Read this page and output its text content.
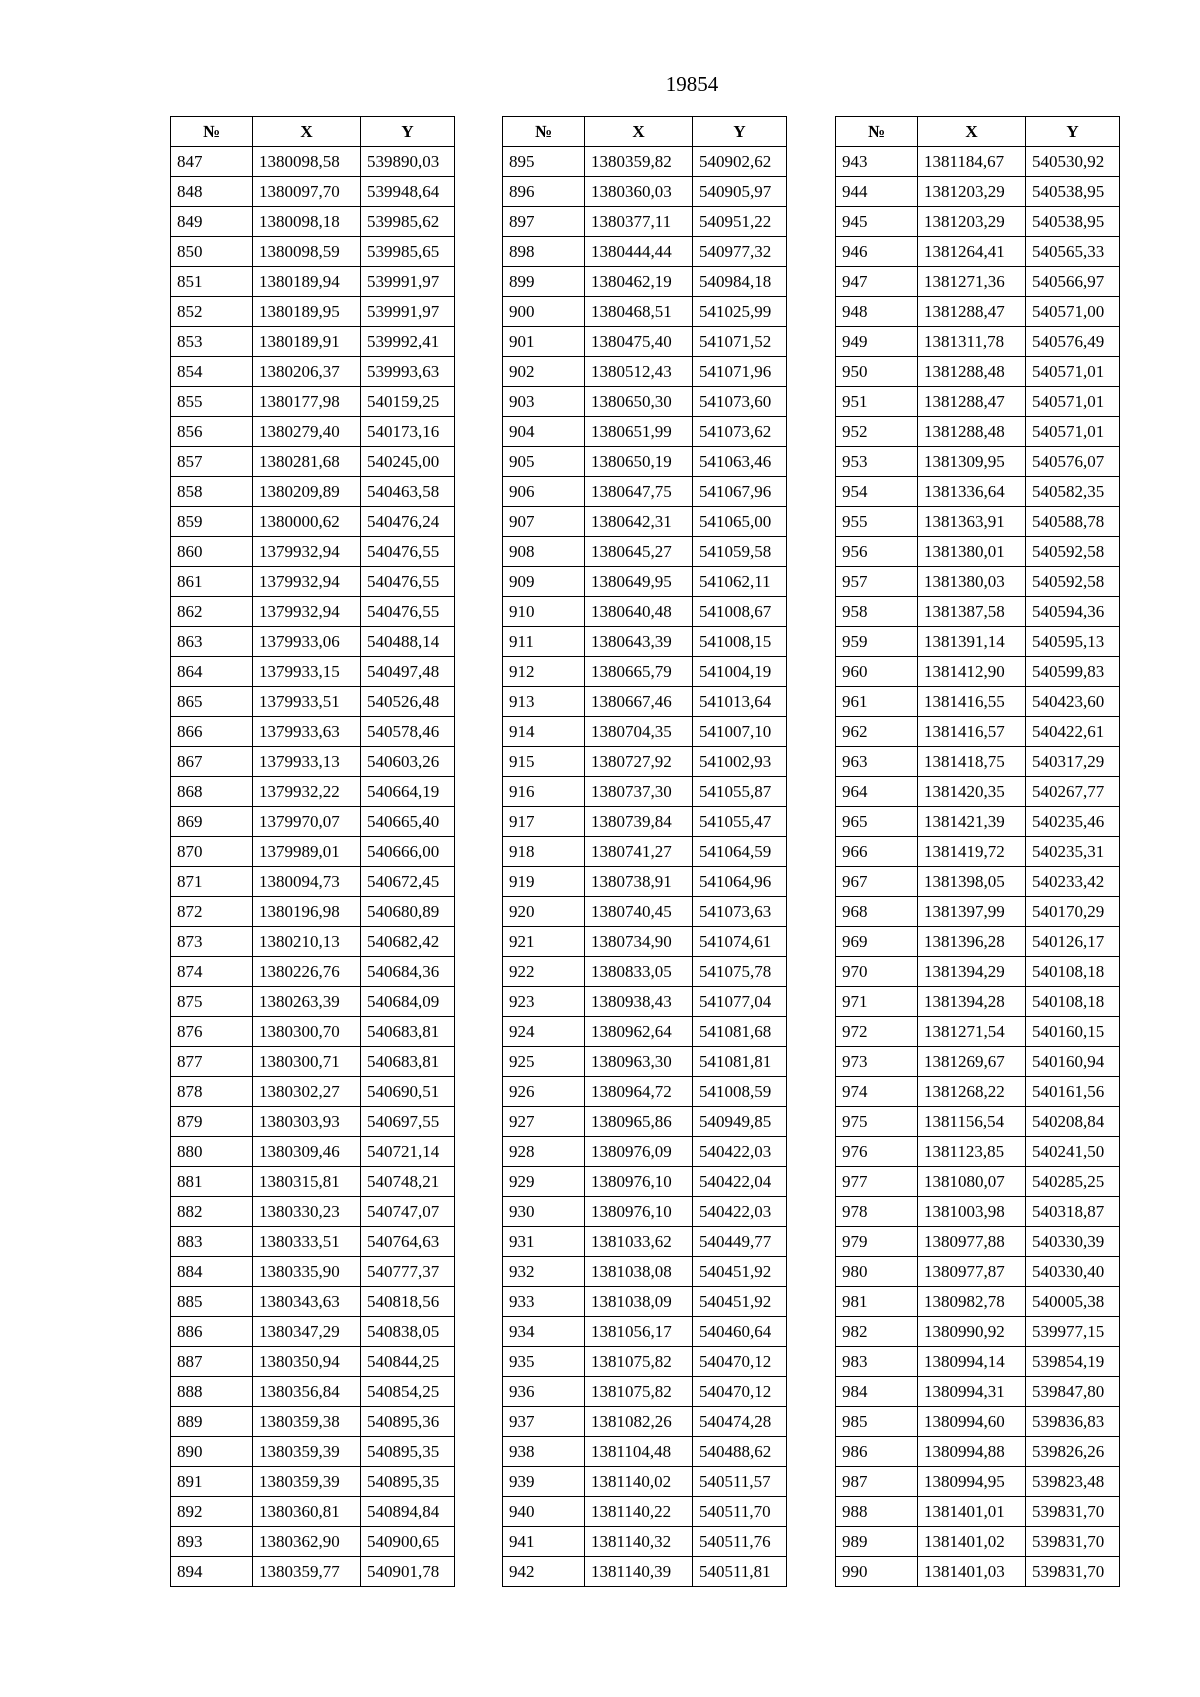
19854
№	X	Y
847	1380098,58	539890,03
848	1380097,70	539948,64
849	1380098,18	539985,62
850	1380098,59	539985,65
851	1380189,94	539991,97
852	1380189,95	539991,97
853	1380189,91	539992,41
854	1380206,37	539993,63
855	1380177,98	540159,25
856	1380279,40	540173,16
857	1380281,68	540245,00
858	1380209,89	540463,58
859	1380000,62	540476,24
860	1379932,94	540476,55
861	1379932,94	540476,55
862	1379932,94	540476,55
863	1379933,06	540488,14
864	1379933,15	540497,48
865	1379933,51	540526,48
866	1379933,63	540578,46
867	1379933,13	540603,26
868	1379932,22	540664,19
869	1379970,07	540665,40
870	1379989,01	540666,00
871	1380094,73	540672,45
872	1380196,98	540680,89
873	1380210,13	540682,42
874	1380226,76	540684,36
875	1380263,39	540684,09
876	1380300,70	540683,81
877	1380300,71	540683,81
878	1380302,27	540690,51
879	1380303,93	540697,55
880	1380309,46	540721,14
881	1380315,81	540748,21
882	1380330,23	540747,07
883	1380333,51	540764,63
884	1380335,90	540777,37
885	1380343,63	540818,56
886	1380347,29	540838,05
887	1380350,94	540844,25
888	1380356,84	540854,25
889	1380359,38	540895,36
890	1380359,39	540895,35
891	1380359,39	540895,35
892	1380360,81	540894,84
893	1380362,90	540900,65
894	1380359,77	540901,78
№	X	Y
895	1380359,82	540902,62
896	1380360,03	540905,97
897	1380377,11	540951,22
898	1380444,44	540977,32
899	1380462,19	540984,18
900	1380468,51	541025,99
901	1380475,40	541071,52
902	1380512,43	541071,96
903	1380650,30	541073,60
904	1380651,99	541073,62
905	1380650,19	541063,46
906	1380647,75	541067,96
907	1380642,31	541065,00
908	1380645,27	541059,58
909	1380649,95	541062,11
910	1380640,48	541008,67
911	1380643,39	541008,15
912	1380665,79	541004,19
913	1380667,46	541013,64
914	1380704,35	541007,10
915	1380727,92	541002,93
916	1380737,30	541055,87
917	1380739,84	541055,47
918	1380741,27	541064,59
919	1380738,91	541064,96
920	1380740,45	541073,63
921	1380734,90	541074,61
922	1380833,05	541075,78
923	1380938,43	541077,04
924	1380962,64	541081,68
925	1380963,30	541081,81
926	1380964,72	541008,59
927	1380965,86	540949,85
928	1380976,09	540422,03
929	1380976,10	540422,04
930	1380976,10	540422,03
931	1381033,62	540449,77
932	1381038,08	540451,92
933	1381038,09	540451,92
934	1381056,17	540460,64
935	1381075,82	540470,12
936	1381075,82	540470,12
937	1381082,26	540474,28
938	1381104,48	540488,62
939	1381140,02	540511,57
940	1381140,22	540511,70
941	1381140,32	540511,76
942	1381140,39	540511,81
№	X	Y
943	1381184,67	540530,92
944	1381203,29	540538,95
945	1381203,29	540538,95
946	1381264,41	540565,33
947	1381271,36	540566,97
948	1381288,47	540571,00
949	1381311,78	540576,49
950	1381288,48	540571,01
951	1381288,47	540571,01
952	1381288,48	540571,01
953	1381309,95	540576,07
954	1381336,64	540582,35
955	1381363,91	540588,78
956	1381380,01	540592,58
957	1381380,03	540592,58
958	1381387,58	540594,36
959	1381391,14	540595,13
960	1381412,90	540599,83
961	1381416,55	540423,60
962	1381416,57	540422,61
963	1381418,75	540317,29
964	1381420,35	540267,77
965	1381421,39	540235,46
966	1381419,72	540235,31
967	1381398,05	540233,42
968	1381397,99	540170,29
969	1381396,28	540126,17
970	1381394,29	540108,18
971	1381394,28	540108,18
972	1381271,54	540160,15
973	1381269,67	540160,94
974	1381268,22	540161,56
975	1381156,54	540208,84
976	1381123,85	540241,50
977	1381080,07	540285,25
978	1381003,98	540318,87
979	1380977,88	540330,39
980	1380977,87	540330,40
981	1380982,78	540005,38
982	1380990,92	539977,15
983	1380994,14	539854,19
984	1380994,31	539847,80
985	1380994,60	539836,83
986	1380994,88	539826,26
987	1380994,95	539823,48
988	1381401,01	539831,70
989	1381401,02	539831,70
990	1381401,03	539831,70
